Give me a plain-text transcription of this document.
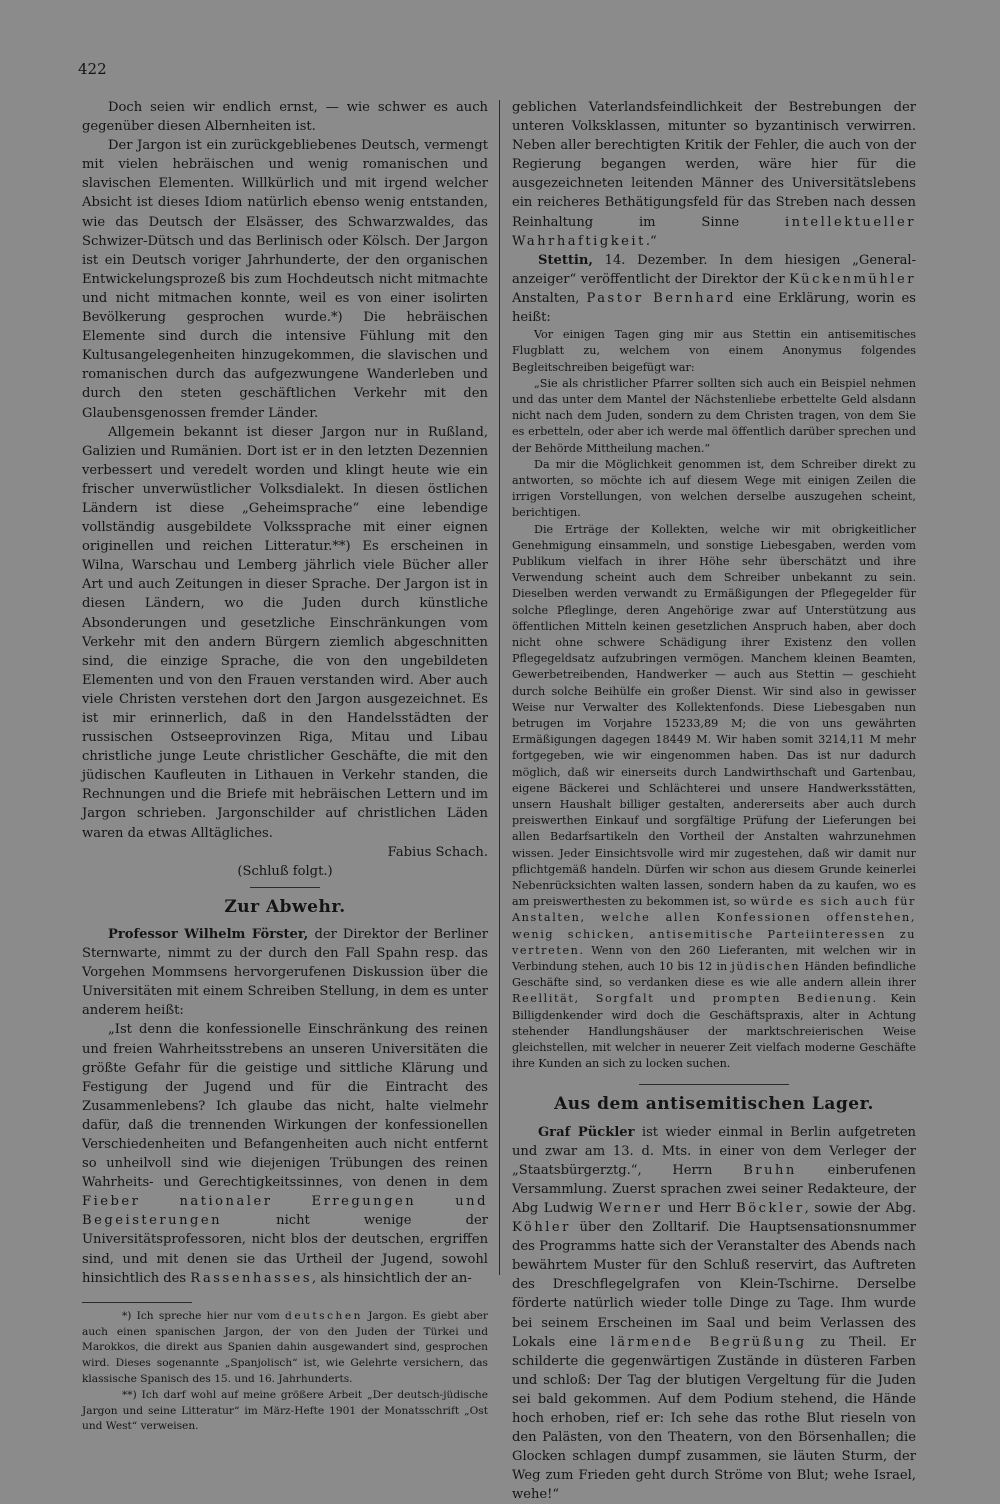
422

Doch seien wir endlich ernst, — wie schwer es auch gegenüber diesen Albernheiten ist.

Der Jargon ist ein zurückgebliebenes Deutsch, vermengt mit vielen hebräischen und wenig romanischen und slavischen Elementen. Willkürlich und mit irgend welcher Absicht ist dieses Idiom natürlich ebenso wenig entstanden, wie das Deutsch der Elsässer, des Schwarzwaldes, das Schwizer-Dütsch und das Berlinisch oder Kölsch. Der Jargon ist ein Deutsch voriger Jahrhunderte, der den organischen Entwickelungsprozeß bis zum Hochdeutsch nicht mitmachte und nicht mitmachen konnte, weil es von einer isolirten Bevölkerung gesprochen wurde.*) Die hebräischen Elemente sind durch die intensive Fühlung mit den Kultusangelegenheiten hinzugekommen, die slavischen und romanischen durch das aufgezwungene Wanderleben und durch den steten geschäftlichen Verkehr mit den Glaubensgenossen fremder Länder.

Allgemein bekannt ist dieser Jargon nur in Rußland, Galizien und Rumänien. Dort ist er in den letzten Dezennien verbessert und veredelt worden und klingt heute wie ein frischer unverwüstlicher Volksdialekt. In diesen östlichen Ländern ist diese „Geheimsprache“ eine lebendige vollständig ausgebildete Volkssprache mit einer eignen originellen und reichen Litteratur.**) Es erscheinen in Wilna, Warschau und Lemberg jährlich viele Bücher aller Art und auch Zeitungen in dieser Sprache. Der Jargon ist in diesen Ländern, wo die Juden durch künstliche Absonderungen und gesetzliche Einschränkungen vom Verkehr mit den andern Bürgern ziemlich abgeschnitten sind, die einzige Sprache, die von den ungebildeten Elementen und von den Frauen verstanden wird. Aber auch viele Christen verstehen dort den Jargon ausgezeichnet. Es ist mir erinnerlich, daß in den Handelsstädten der russischen Ostseeprovinzen Riga, Mitau und Libau christliche junge Leute christlicher Geschäfte, die mit den jüdischen Kaufleuten in Lithauen in Verkehr standen, die Rechnungen und die Briefe mit hebräischen Lettern und im Jargon schrieben. Jargonschilder auf christlichen Läden waren da etwas Alltägliches.

Fabius Schach.

(Schluß folgt.)

Zur Abwehr.

Professor Wilhelm Förster, der Direktor der Berliner Sternwarte, nimmt zu der durch den Fall Spahn resp. das Vorgehen Mommsens hervorgerufenen Diskussion über die Universitäten mit einem Schreiben Stellung, in dem es unter anderem heißt:

„Ist denn die konfessionelle Einschränkung des reinen und freien Wahrheitsstrebens an unseren Universitäten die größte Gefahr für die geistige und sittliche Klärung und Festigung der Jugend und für die Eintracht des Zusammenlebens? Ich glaube das nicht, halte vielmehr dafür, daß die trennenden Wirkungen der konfessionellen Verschiedenheiten und Befangenheiten auch nicht entfernt so unheilvoll sind wie diejenigen Trübungen des reinen Wahrheits- und Gerechtigkeitssinnes, von denen in dem Fieber nationaler Erregungen und Begeisterungen nicht wenige der Universitätsprofessoren, nicht blos der deutschen, ergriffen sind, und mit denen sie das Urtheil der Jugend, sowohl hinsichtlich des Rassenhasses, als hinsichtlich der an-

*) Ich spreche hier nur vom deutschen Jargon. Es giebt aber auch einen spanischen Jargon, der von den Juden der Türkei und Marokkos, die direkt aus Spanien dahin ausgewandert sind, gesprochen wird. Dieses sogenannte „Spanjolisch“ ist, wie Gelehrte versichern, das klassische Spanisch des 15. und 16. Jahrhunderts.

**) Ich darf wohl auf meine größere Arbeit „Der deutsch-jüdische Jargon und seine Litteratur“ im März-Hefte 1901 der Monatsschrift „Ost und West“ verweisen.

geblichen Vaterlandsfeindlichkeit der Bestrebungen der unteren Volksklassen, mitunter so byzantinisch verwirren. Neben aller berechtigten Kritik der Fehler, die auch von der Regierung begangen werden, wäre hier für die ausgezeichneten leitenden Männer des Universitätslebens ein reicheres Bethätigungsfeld für das Streben nach dessen Reinhaltung im Sinne intellektueller Wahrhaftigkeit.“

Stettin, 14. Dezember. In dem hiesigen „General-anzeiger“ veröffentlicht der Direktor der Kückenmühler Anstalten, Pastor Bernhard eine Erklärung, worin es heißt:

Vor einigen Tagen ging mir aus Stettin ein antisemitisches Flugblatt zu, welchem von einem Anonymus folgendes Begleitschreiben beigefügt war:

„Sie als christlicher Pfarrer sollten sich auch ein Beispiel nehmen und das unter dem Mantel der Nächstenliebe erbettelte Geld alsdann nicht nach dem Juden, sondern zu dem Christen tragen, von dem Sie es erbetteln, oder aber ich werde mal öffentlich darüber sprechen und der Behörde Mittheilung machen.“

Da mir die Möglichkeit genommen ist, dem Schreiber direkt zu antworten, so möchte ich auf diesem Wege mit einigen Zeilen die irrigen Vorstellungen, von welchen derselbe auszugehen scheint, berichtigen.

Die Erträge der Kollekten, welche wir mit obrigkeitlicher Genehmigung einsammeln, und sonstige Liebesgaben, werden vom Publikum vielfach in ihrer Höhe sehr überschätzt und ihre Verwendung scheint auch dem Schreiber unbekannt zu sein. Dieselben werden verwandt zu Ermäßigungen der Pflegegelder für solche Pfleglinge, deren Angehörige zwar auf Unterstützung aus öffentlichen Mitteln keinen gesetzlichen Anspruch haben, aber doch nicht ohne schwere Schädigung ihrer Existenz den vollen Pflegegeldsatz aufzubringen vermögen. Manchem kleinen Beamten, Gewerbetreibenden, Handwerker — auch aus Stettin — geschieht durch solche Beihülfe ein großer Dienst. Wir sind also in gewisser Weise nur Verwalter des Kollektenfonds. Diese Liebesgaben nun betrugen im Vorjahre 15233,89 M; die von uns gewährten Ermäßigungen dagegen 18449 M. Wir haben somit 3214,11 M mehr fortgegeben, wie wir eingenommen haben. Das ist nur dadurch möglich, daß wir einerseits durch Landwirthschaft und Gartenbau, eigene Bäckerei und Schlächterei und unsere Handwerksstätten, unsern Haushalt billiger gestalten, andererseits aber auch durch preiswerthen Einkauf und sorgfältige Prüfung der Lieferungen bei allen Bedarfsartikeln den Vortheil der Anstalten wahrzunehmen wissen. Jeder Einsichtsvolle wird mir zugestehen, daß wir damit nur pflichtgemäß handeln. Dürfen wir schon aus diesem Grunde keinerlei Nebenrücksichten walten lassen, sondern haben da zu kaufen, wo es am preiswerthesten zu bekommen ist, so würde es sich auch für Anstalten, welche allen Konfessionen offenstehen, wenig schicken, antisemitische Parteiinteressen zu vertreten. Wenn von den 260 Lieferanten, mit welchen wir in Verbindung stehen, auch 10 bis 12 in jüdischen Händen befindliche Geschäfte sind, so verdanken diese es wie alle andern allein ihrer Reellität, Sorgfalt und prompten Bedienung. Kein Billigdenkender wird doch die Geschäftspraxis, alter in Achtung stehender Handlungshäuser der marktschreierischen Weise gleichstellen, mit welcher in neuerer Zeit vielfach moderne Geschäfte ihre Kunden an sich zu locken suchen.

Aus dem antisemitischen Lager.

Graf Pückler ist wieder einmal in Berlin aufgetreten und zwar am 13. d. Mts. in einer von dem Verleger der „Staatsbürgerztg.“, Herrn Bruhn einberufenen Versammlung. Zuerst sprachen zwei seiner Redakteure, der Abg Ludwig Werner und Herr Böckler, sowie der Abg. Köhler über den Zolltarif. Die Hauptsensationsnummer des Programms hatte sich der Veranstalter des Abends nach bewährtem Muster für den Schluß reservirt, das Auftreten des Dreschflegelgrafen von Klein-Tschirne. Derselbe förderte natürlich wieder tolle Dinge zu Tage. Ihm wurde bei seinem Erscheinen im Saal und beim Verlassen des Lokals eine lärmende Begrüßung zu Theil. Er schilderte die gegenwärtigen Zustände in düsteren Farben und schloß: Der Tag der blutigen Vergeltung für die Juden sei bald gekommen. Auf dem Podium stehend, die Hände hoch erhoben, rief er: Ich sehe das rothe Blut rieseln von den Palästen, von den Theatern, von den Börsenhallen; die Glocken schlagen dumpf zusammen, sie läuten Sturm, der Weg zum Frieden geht durch Ströme von Blut; wehe Israel, wehe!“
